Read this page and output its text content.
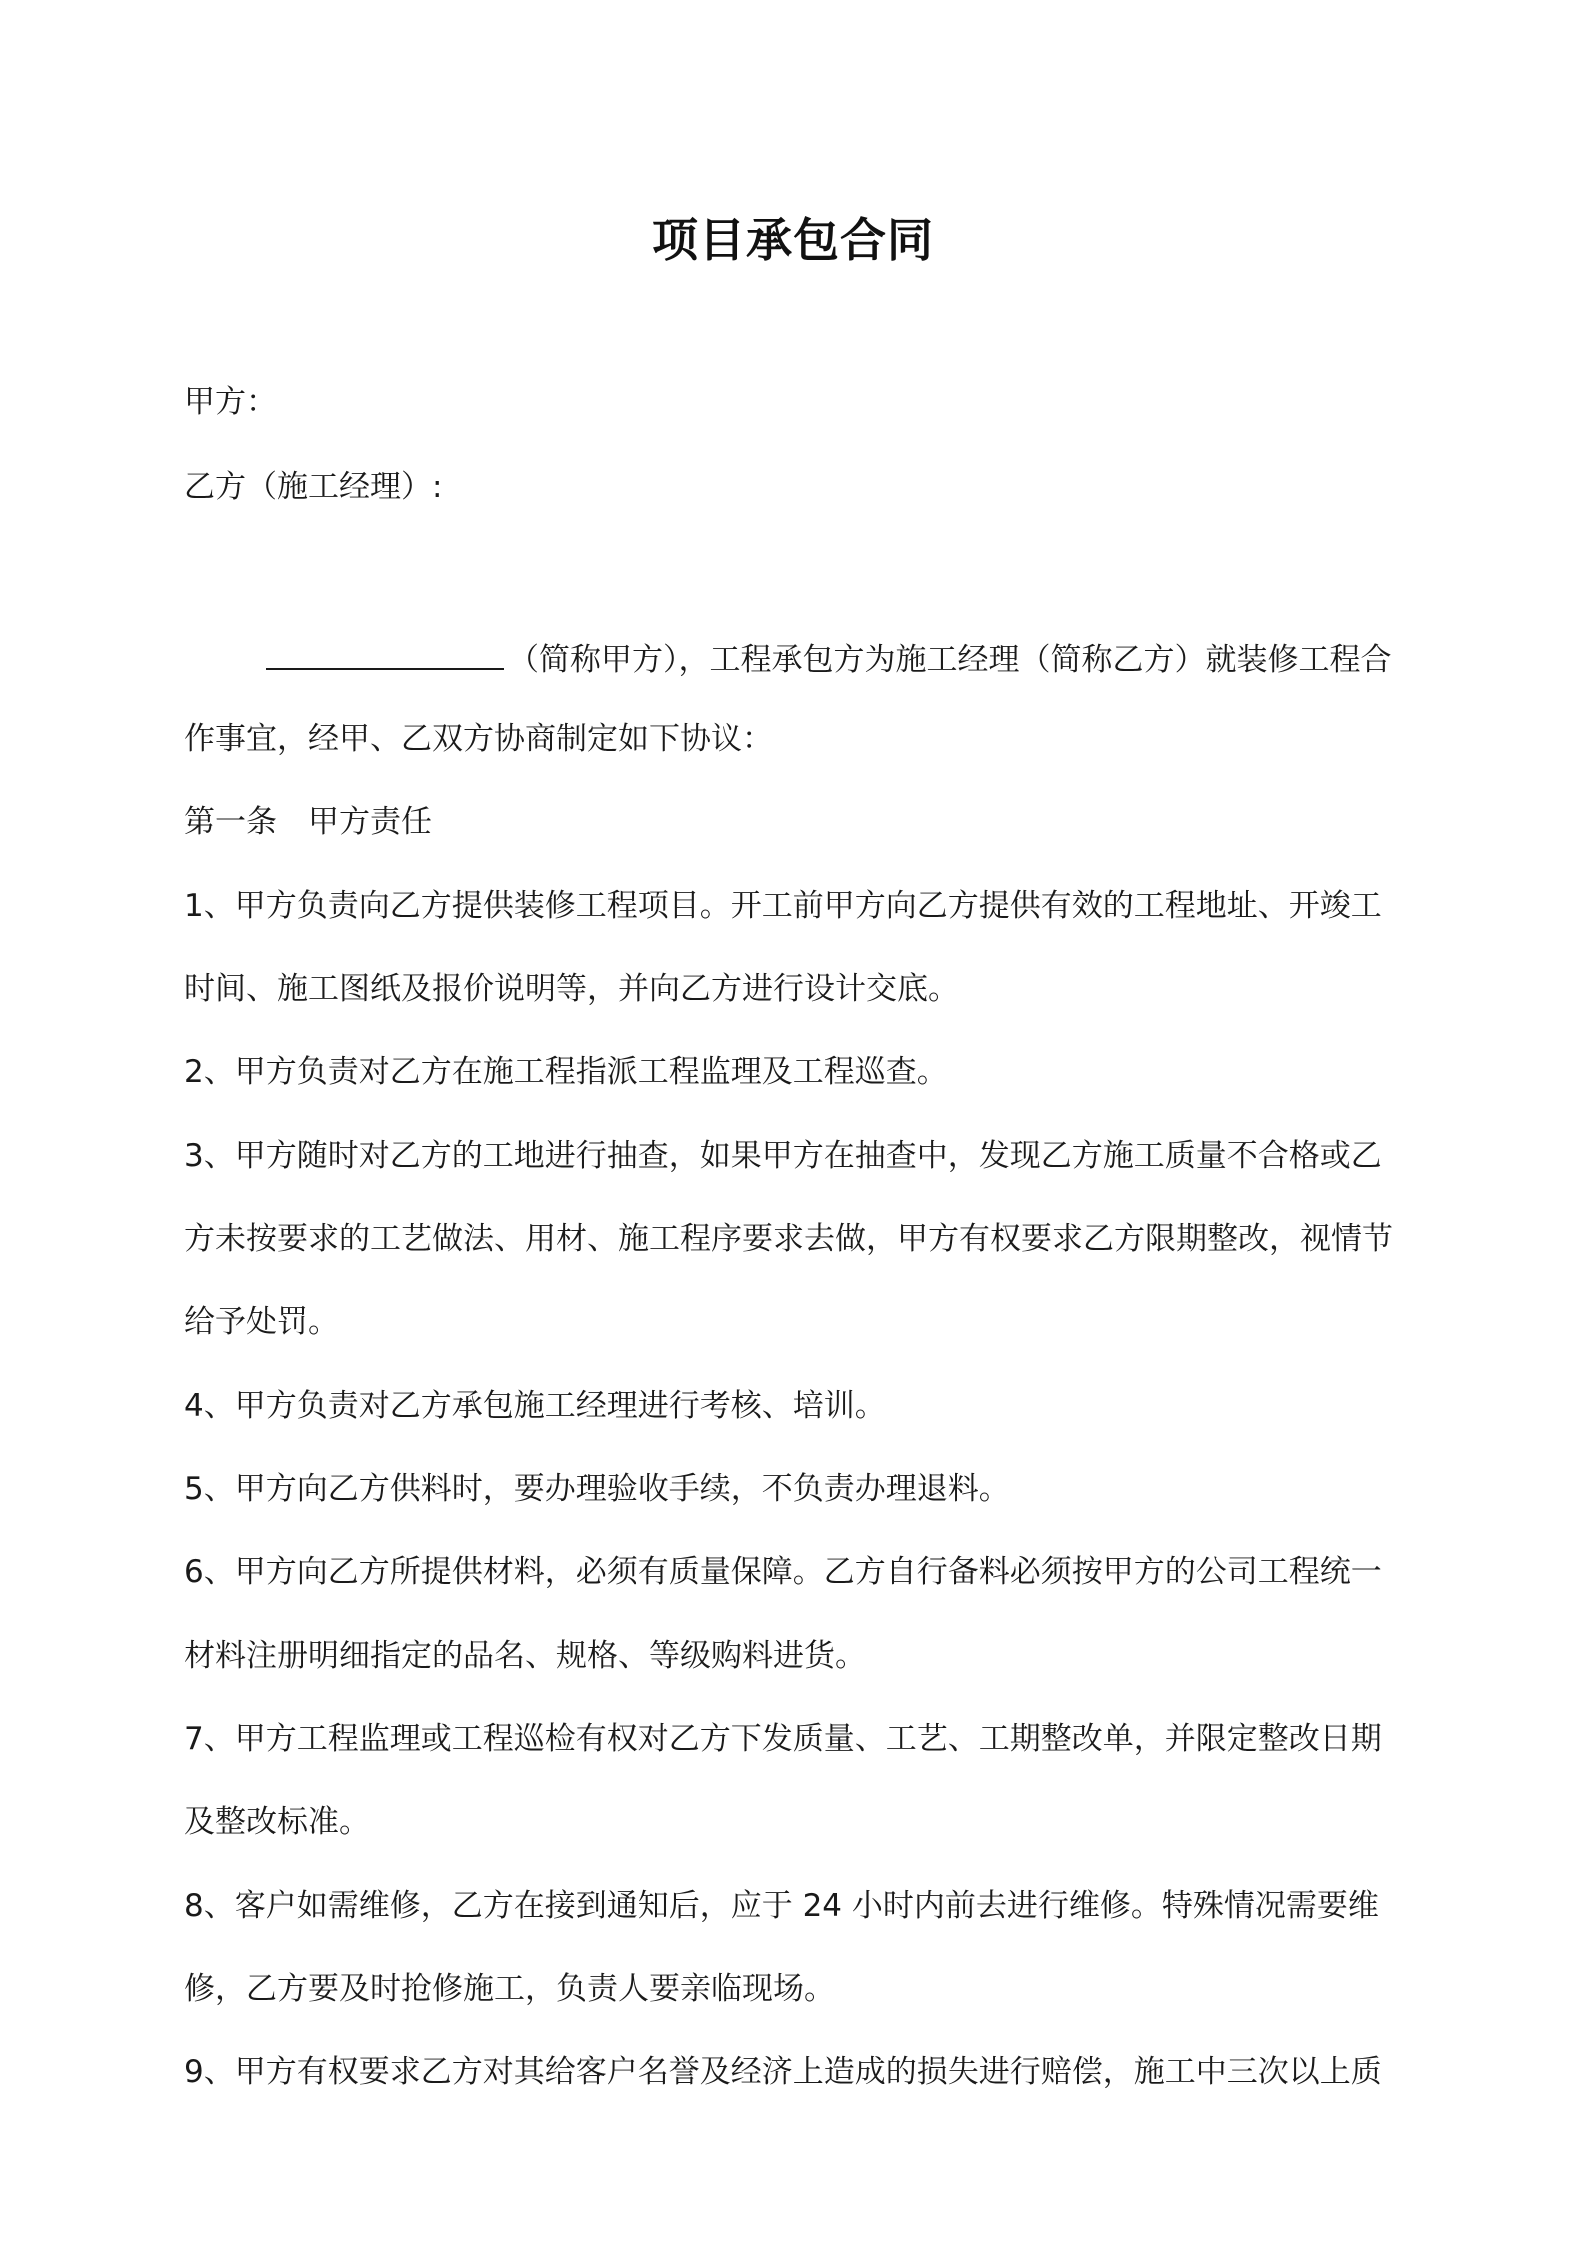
项目承包合同
甲方：
乙方（施工经理）:
（简称甲方），工程承包方为施工经理（简称乙方）就装修工程合
作事宜，经甲、乙双方协商制定如下协议：
第一条　甲方责任
1、甲方负责向乙方提供装修工程项目。开工前甲方向乙方提供有效的工程地址、开竣工
时间、施工图纸及报价说明等，并向乙方进行设计交底。
2、甲方负责对乙方在施工程指派工程监理及工程巡查。
3、甲方随时对乙方的工地进行抽查，如果甲方在抽查中，发现乙方施工质量不合格或乙
方未按要求的工艺做法、用材、施工程序要求去做，甲方有权要求乙方限期整改，视情节
给予处罚。
4、甲方负责对乙方承包施工经理进行考核、培训。
5、甲方向乙方供料时，要办理验收手续，不负责办理退料。
6、甲方向乙方所提供材料，必须有质量保障。乙方自行备料必须按甲方的公司工程统一
材料注册明细指定的品名、规格、等级购料进货。
7、甲方工程监理或工程巡检有权对乙方下发质量、工艺、工期整改单，并限定整改日期
及整改标准。
8、客户如需维修，乙方在接到通知后，应于 24 小时内前去进行维修。特殊情况需要维
修，乙方要及时抢修施工，负责人要亲临现场。
9、甲方有权要求乙方对其给客户名誉及经济上造成的损失进行赔偿，施工中三次以上质
